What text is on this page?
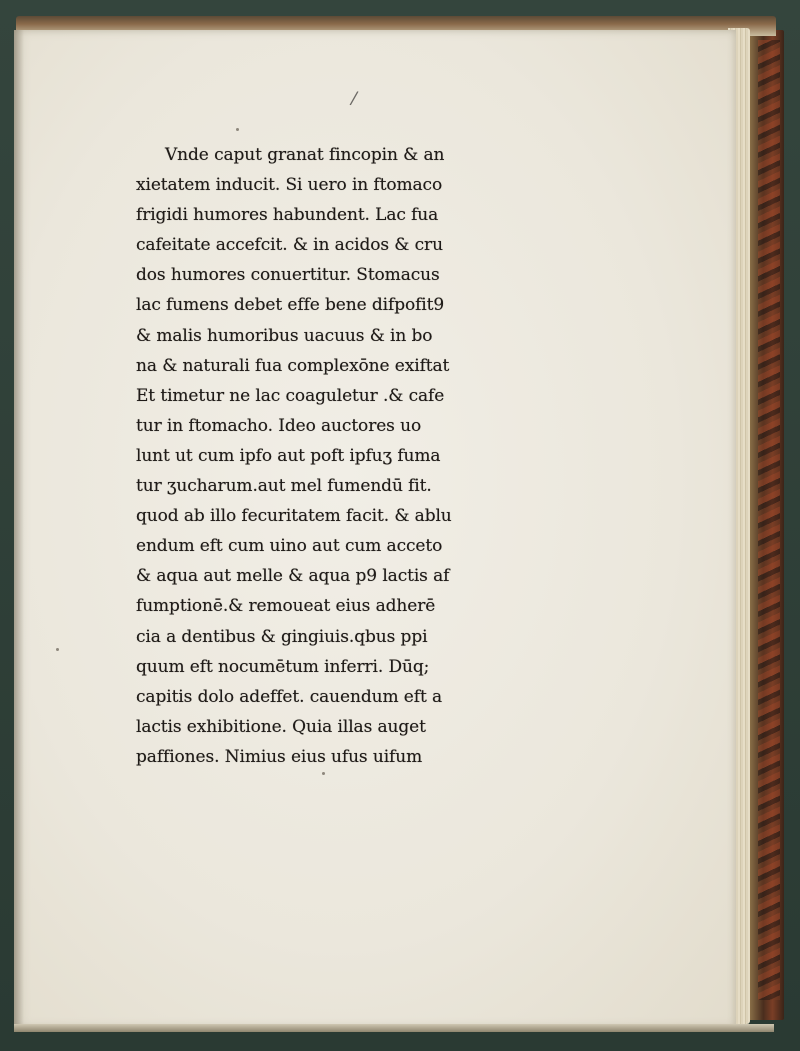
/
Vnde caput granat fincopin & an
xietatem inducit. Si uero in ftomaco
frigidi humores habundent. Lac fua
cafeitate accefcit. & in acidos & cru
dos humores conuertitur. Stomacus
lac fumens debet effe bene difpofit9
& malis humoribus uacuus & in bo
na & naturali fua complexōne exiftat
Et timetur ne lac coaguletur .& cafe
tur in ftomacho. Ideo auctores uo
lunt ut cum ipfo aut poft ipfuʒ fuma
tur ʒucharum.aut mel fumendū fit.
quod ab illo fecuritatem facit. & ablu
endum eft cum uino aut cum acceto
& aqua aut melle & aqua p9 lactis af
fumptionē.& remoueat eius adherē
cia a dentibus & gingiuis.qbus ppi
quum eft nocumētum inferri. Dūq;
capitis dolo adeffet. cauendum eft a
lactis exhibitione. Quia illas auget
paffiones. Nimius eius ufus uifum
